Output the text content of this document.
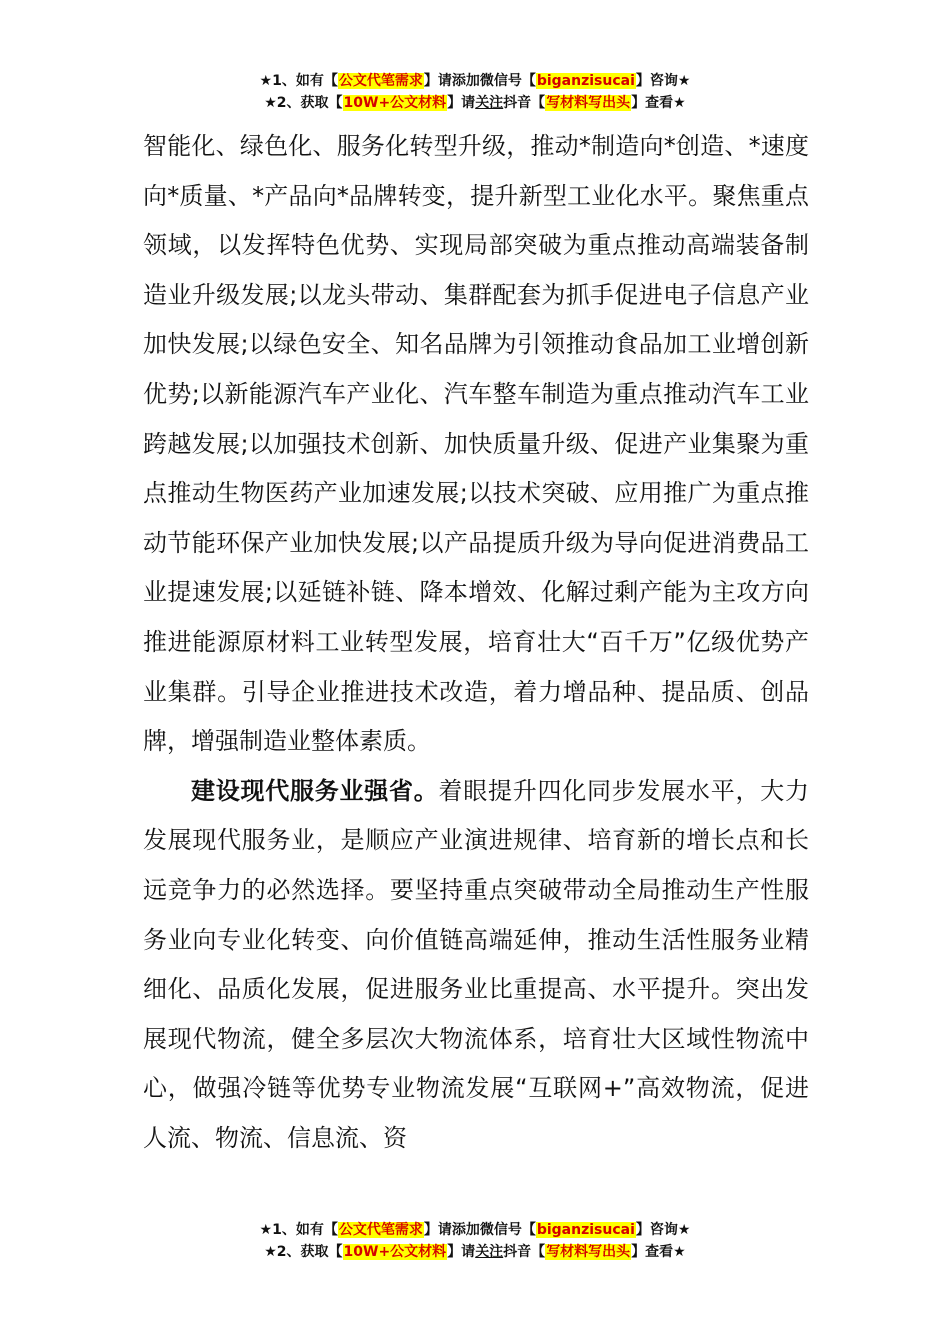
★1、如有【公文代笔需求】请添加微信号【biganzisucai】咨询★
★2、获取【10W+公文材料】请关注抖音【写材料写出头】查看★

智能化、绿色化、服务化转型升级，推动*制造向*创造、*速度向*质量、*产品向*品牌转变，提升新型工业化水平。聚焦重点领域，以发挥特色优势、实现局部突破为重点推动高端装备制造业升级发展;以龙头带动、集群配套为抓手促进电子信息产业加快发展;以绿色安全、知名品牌为引领推动食品加工业增创新优势;以新能源汽车产业化、汽车整车制造为重点推动汽车工业跨越发展;以加强技术创新、加快质量升级、促进产业集聚为重点推动生物医药产业加速发展;以技术突破、应用推广为重点推动节能环保产业加快发展;以产品提质升级为导向促进消费品工业提速发展;以延链补链、降本增效、化解过剩产能为主攻方向推进能源原材料工业转型发展，培育壮大“百千万”亿级优势产业集群。引导企业推进技术改造，着力增品种、提品质、创品牌，增强制造业整体素质。

建设现代服务业强省。着眼提升四化同步发展水平，大力发展现代服务业，是顺应产业演进规律、培育新的增长点和长远竞争力的必然选择。要坚持重点突破带动全局推动生产性服务业向专业化转变、向价值链高端延伸，推动生活性服务业精细化、品质化发展，促进服务业比重提高、水平提升。突出发展现代物流，健全多层次大物流体系，培育壮大区域性物流中心，做强冷链等优势专业物流发展“互联网+”高效物流，促进人流、物流、信息流、资

★1、如有【公文代笔需求】请添加微信号【biganzisucai】咨询★
★2、获取【10W+公文材料】请关注抖音【写材料写出头】查看★
